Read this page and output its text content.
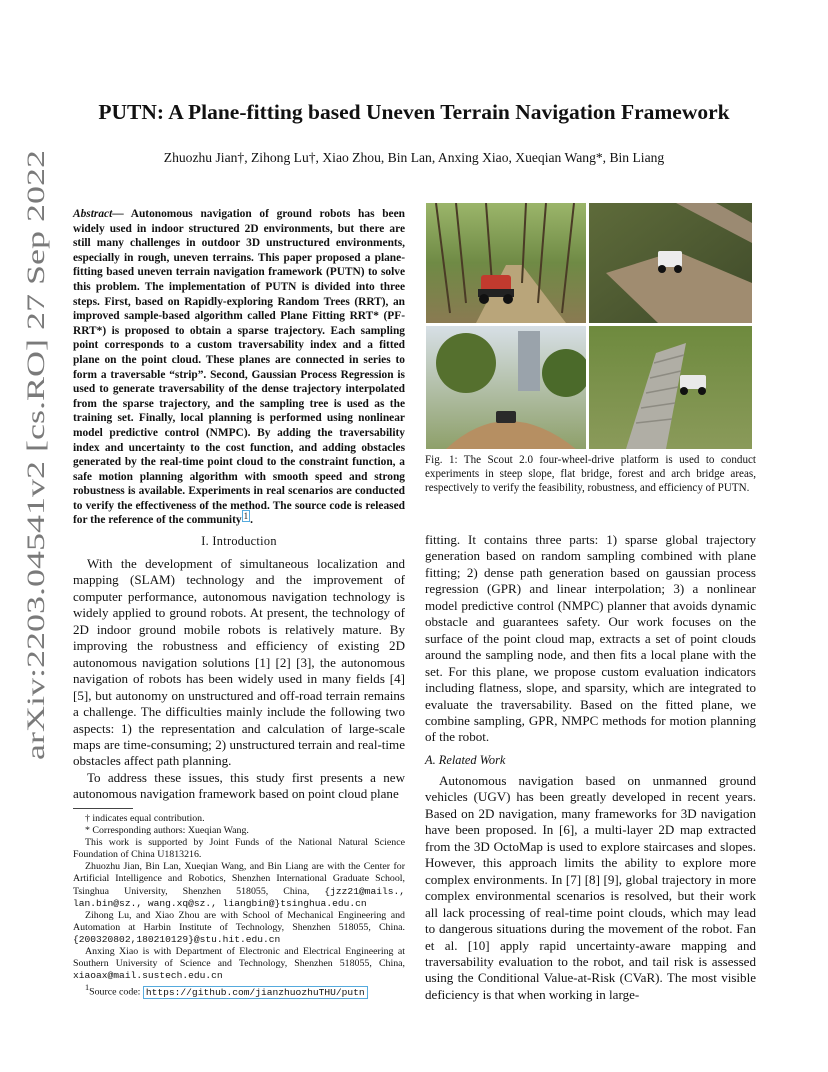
arXiv:2203.04541v2 [cs.RO] 27 Sep 2022
PUTN: A Plane-fitting based Uneven Terrain Navigation Framework
Zhuozhu Jian†, Zihong Lu†, Xiao Zhou, Bin Lan, Anxing Xiao, Xueqian Wang*, Bin Liang
Abstract— Autonomous navigation of ground robots has been widely used in indoor structured 2D environments, but there are still many challenges in outdoor 3D unstructured environments, especially in rough, uneven terrains. This paper proposed a plane-fitting based uneven terrain navigation framework (PUTN) to solve this problem. The implementation of PUTN is divided into three steps. First, based on Rapidly-exploring Random Trees (RRT), an improved sample-based algorithm called Plane Fitting RRT* (PF-RRT*) is proposed to obtain a sparse trajectory. Each sampling point corresponds to a custom traversability index and a fitted plane on the point cloud. These planes are connected in series to form a traversable “strip”. Second, Gaussian Process Regression is used to generate traversability of the dense trajectory interpolated from the sparse trajectory, and the sampling tree is used as the training set. Finally, local planning is performed using nonlinear model predictive control (NMPC). By adding the traversability index and uncertainty to the cost function, and adding obstacles generated by the real-time point cloud to the constraint function, a safe motion planning algorithm with smooth speed and strong robustness is available. Experiments in real scenarios are conducted to verify the effectiveness of the method. The source code is released for the reference of the community $^1$ .
I. Introduction

With the development of simultaneous localization and mapping (SLAM) technology and the improvement of computer performance, autonomous navigation technology is widely applied to ground robots. At present, the technology of 2D indoor ground mobile robots is relatively mature. By improving the robustness and efficiency of existing 2D autonomous navigation solutions [1] [2] [3], the autonomous navigation of robots has been widely used in many fields [4] [5], but autonomy on unstructured and off-road terrain remains a challenge. The difficulties mainly include the following two aspects: 1) the representation and calculation of large-scale maps are time-consuming; 2) unstructured terrain and real-time obstacles affect path planning.

To address these issues, this study first presents a new autonomous navigation framework based on point cloud plane

† indicates equal contribution.

* Corresponding authors: Xueqian Wang.

This work is supported by Joint Funds of the National Natural Science Foundation of China U1813216.

Zhuozhu Jian, Bin Lan, Xueqian Wang, and Bin Liang are with the Center for Artificial Intelligence and Robotics, Shenzhen International Graduate School, Tsinghua University, Shenzhen 518055, China, {jzz21@mails., lan.bin@sz., wang.xq@sz., liangbin@}tsinghua.edu.cn

Zihong Lu, and Xiao Zhou are with School of Mechanical Engineering and Automation at Harbin Institute of Technology, Shenzhen 518055, China. {200320802,180210129}@stu.hit.edu.cn

Anxing Xiao is with Department of Electronic and Electrical Engineering at Southern University of Science and Technology, Shenzhen 518055, China, xiaoax@mail.sustech.edu.cn

$^1$Source code: https://github.com/jianzhuozhuTHU/putn

Fig. 1: The Scout 2.0 four-wheel-drive platform is used to conduct experiments in steep slope, flat bridge, forest and arch bridge areas, respectively to verify the feasibility, robustness, and efficiency of PUTN.

fitting. It contains three parts: 1) sparse global trajectory generation based on random sampling combined with plane fitting; 2) dense path generation based on gaussian process regression (GPR) and linear interpolation; 3) a nonlinear model predictive control (NMPC) planner that avoids dynamic obstacle and guarantees safety. Our work focuses on the surface of the point cloud map, extracts a set of point clouds around the sampling node, and then fits a local plane with the set. For this plane, we propose custom evaluation indicators including flatness, slope, and sparsity, which are integrated to evaluate the traversability. Based on the fitted plane, we combine sampling, GPR, NMPC methods for motion planning of the robot.

A. Related Work

Autonomous navigation based on unmanned ground vehicles (UGV) has been greatly developed in recent years. Based on 2D navigation, many frameworks for 3D navigation have been proposed. In [6], a multi-layer 2D map extracted from the 3D OctoMap is used to explore staircases and slopes. However, this approach limits the ability to explore more complex environments. In [7] [8] [9], global trajectory in more complex environmental scenarios is resolved, but their work all lack processing of real-time point clouds, which may lead to dangerous situations during the movement of the robot. Fan et al. [10] apply rapid uncertainty-aware mapping and traversability evaluation to the robot, and tail risk is assessed using the Conditional Value-at-Risk (CVaR). The most visible deficiency is that when working in large-
